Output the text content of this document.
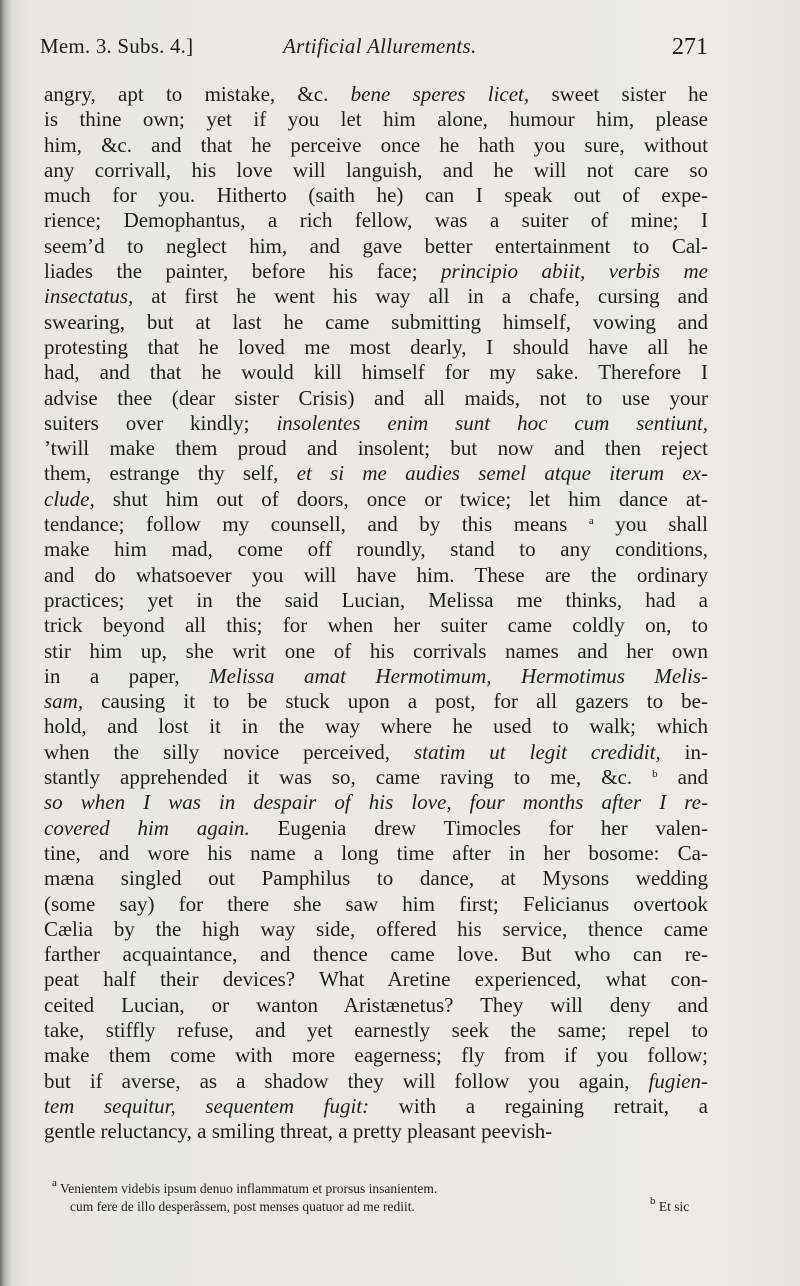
Mem. 3. Subs. 4.]	Artificial Allurements.	271
angry, apt to mistake, &c. bene speres licet, sweet sister he
is thine own; yet if you let him alone, humour him, please
him, &c. and that he perceive once he hath you sure, without
any corrivall, his love will languish, and he will not care so
much for you. Hitherto (saith he) can I speak out of expe-
rience; Demophantus, a rich fellow, was a suiter of mine; I
seem’d to neglect him, and gave better entertainment to Cal-
liades the painter, before his face; principio abiit, verbis me
insectatus, at first he went his way all in a chafe, cursing and
swearing, but at last he came submitting himself, vowing and
protesting that he loved me most dearly, I should have all he
had, and that he would kill himself for my sake. Therefore I
advise thee (dear sister Crisis) and all maids, not to use your
suiters over kindly; insolentes enim sunt hoc cum sentiunt,
’twill make them proud and insolent; but now and then reject
them, estrange thy self, et si me audies semel atque iterum ex-
clude, shut him out of doors, once or twice; let him dance at-
tendance; follow my counsell, and by this means $^a$ you shall
make him mad, come off roundly, stand to any conditions,
and do whatsoever you will have him. These are the ordinary
practices; yet in the said Lucian, Melissa me thinks, had a
trick beyond all this; for when her suiter came coldly on, to
stir him up, she writ one of his corrivals names and her own
in a paper, Melissa amat Hermotimum, Hermotimus Melis-
sam, causing it to be stuck upon a post, for all gazers to be-
hold, and lost it in the way where he used to walk; which
when the silly novice perceived, statim ut legit credidit, in-
stantly apprehended it was so, came raving to me, &c. $^b$ and
so when I was in despair of his love, four months after I re-
covered him again. Eugenia drew Timocles for her valen-
tine, and wore his name a long time after in her bosome: Ca-
mæna singled out Pamphilus to dance, at Mysons wedding
(some say) for there she saw him first; Felicianus overtook
Cælia by the high way side, offered his service, thence came
farther acquaintance, and thence came love. But who can re-
peat half their devices? What Aretine experienced, what con-
ceited Lucian, or wanton Aristænetus? They will deny and
take, stiffly refuse, and yet earnestly seek the same; repel to
make them come with more eagerness; fly from if you follow;
but if averse, as a shadow they will follow you again, fugien-
tem sequitur, sequentem fugit: with a regaining retrait, a
gentle reluctancy, a smiling threat, a pretty pleasant peevish-
$^a$ Venientem videbis ipsum denuo inflammatum et prorsus insanientem.
cum fere de illo desperâssem, post menses quatuor ad me rediit.	$^b$ Et sic
